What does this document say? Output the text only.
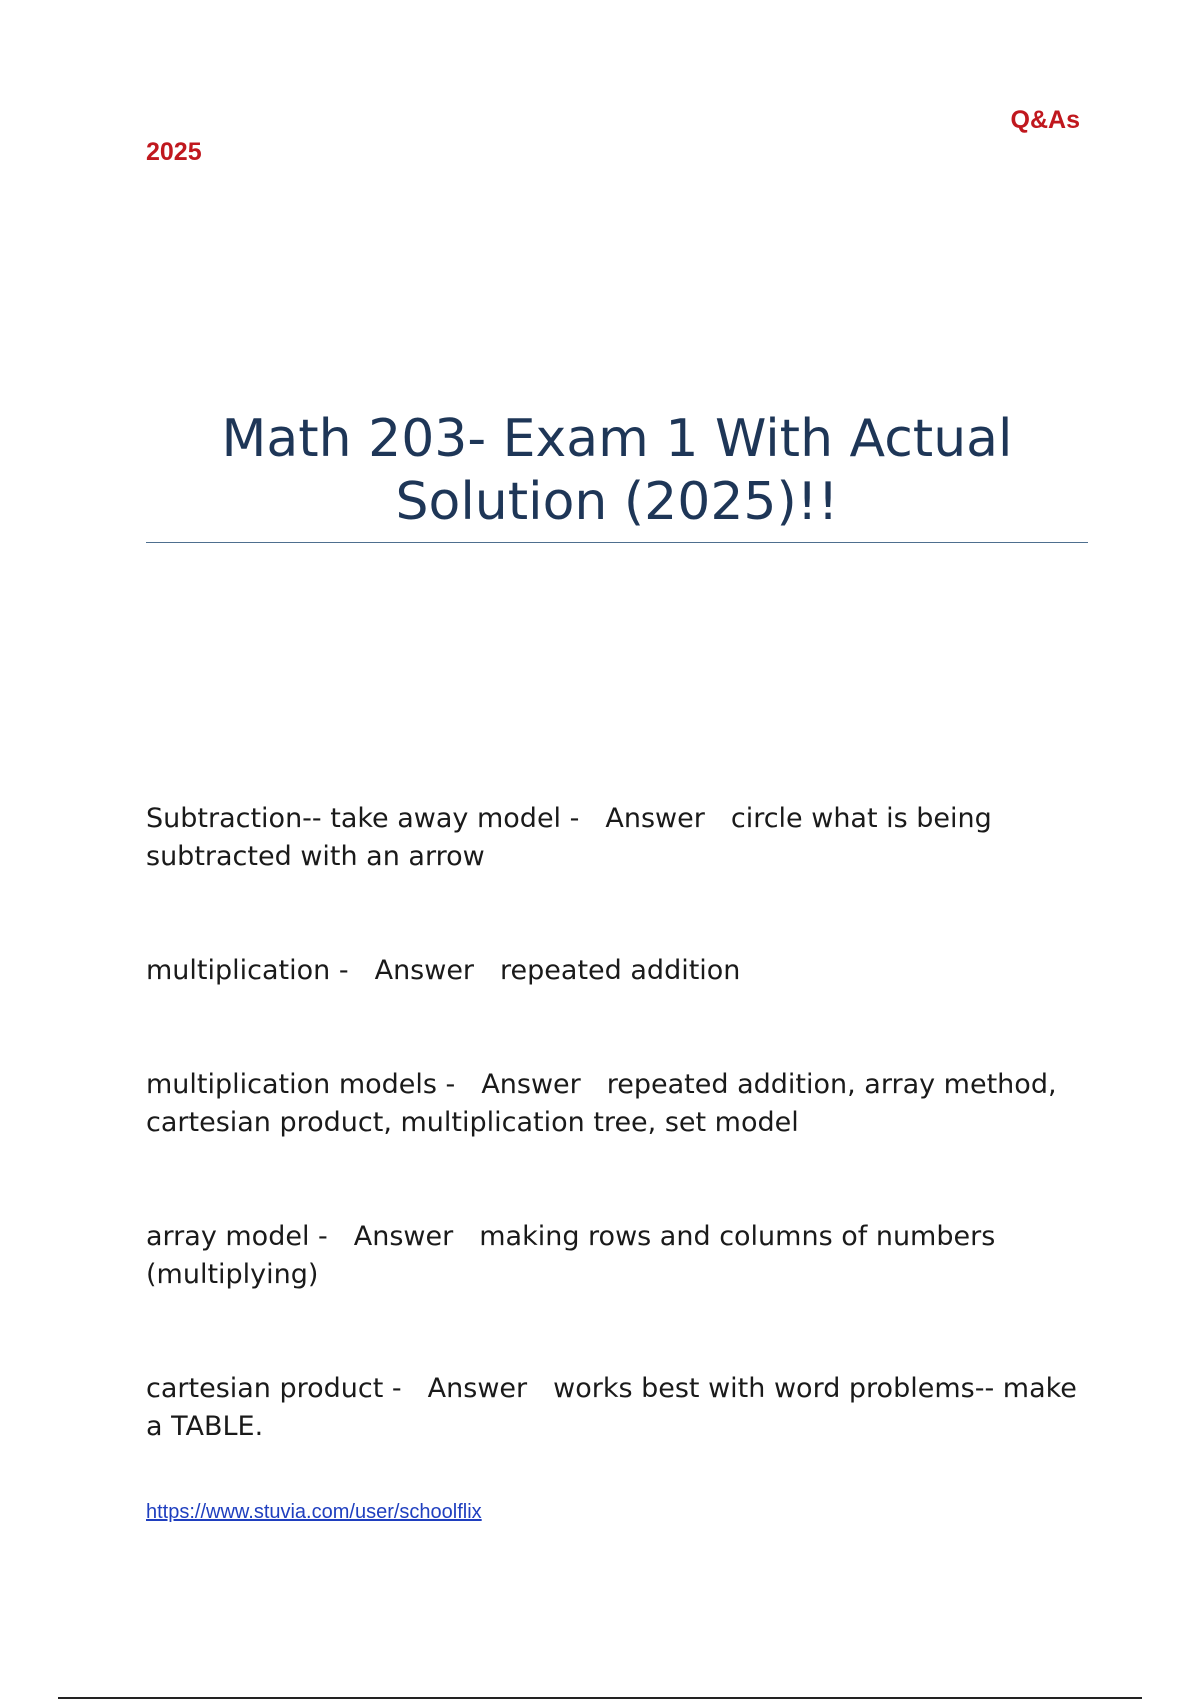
Q&As
2025
Math 203- Exam 1 With Actual
Solution (2025)!!
Subtraction-- take away model - Answer circle what is being subtracted with an arrow
multiplication - Answer repeated addition
multiplication models - Answer repeated addition, array method, cartesian product, multiplication tree, set model
array model - Answer making rows and columns of numbers (multiplying)
cartesian product - Answer works best with word problems-- make a TABLE.
https://www.stuvia.com/user/schoolflix
